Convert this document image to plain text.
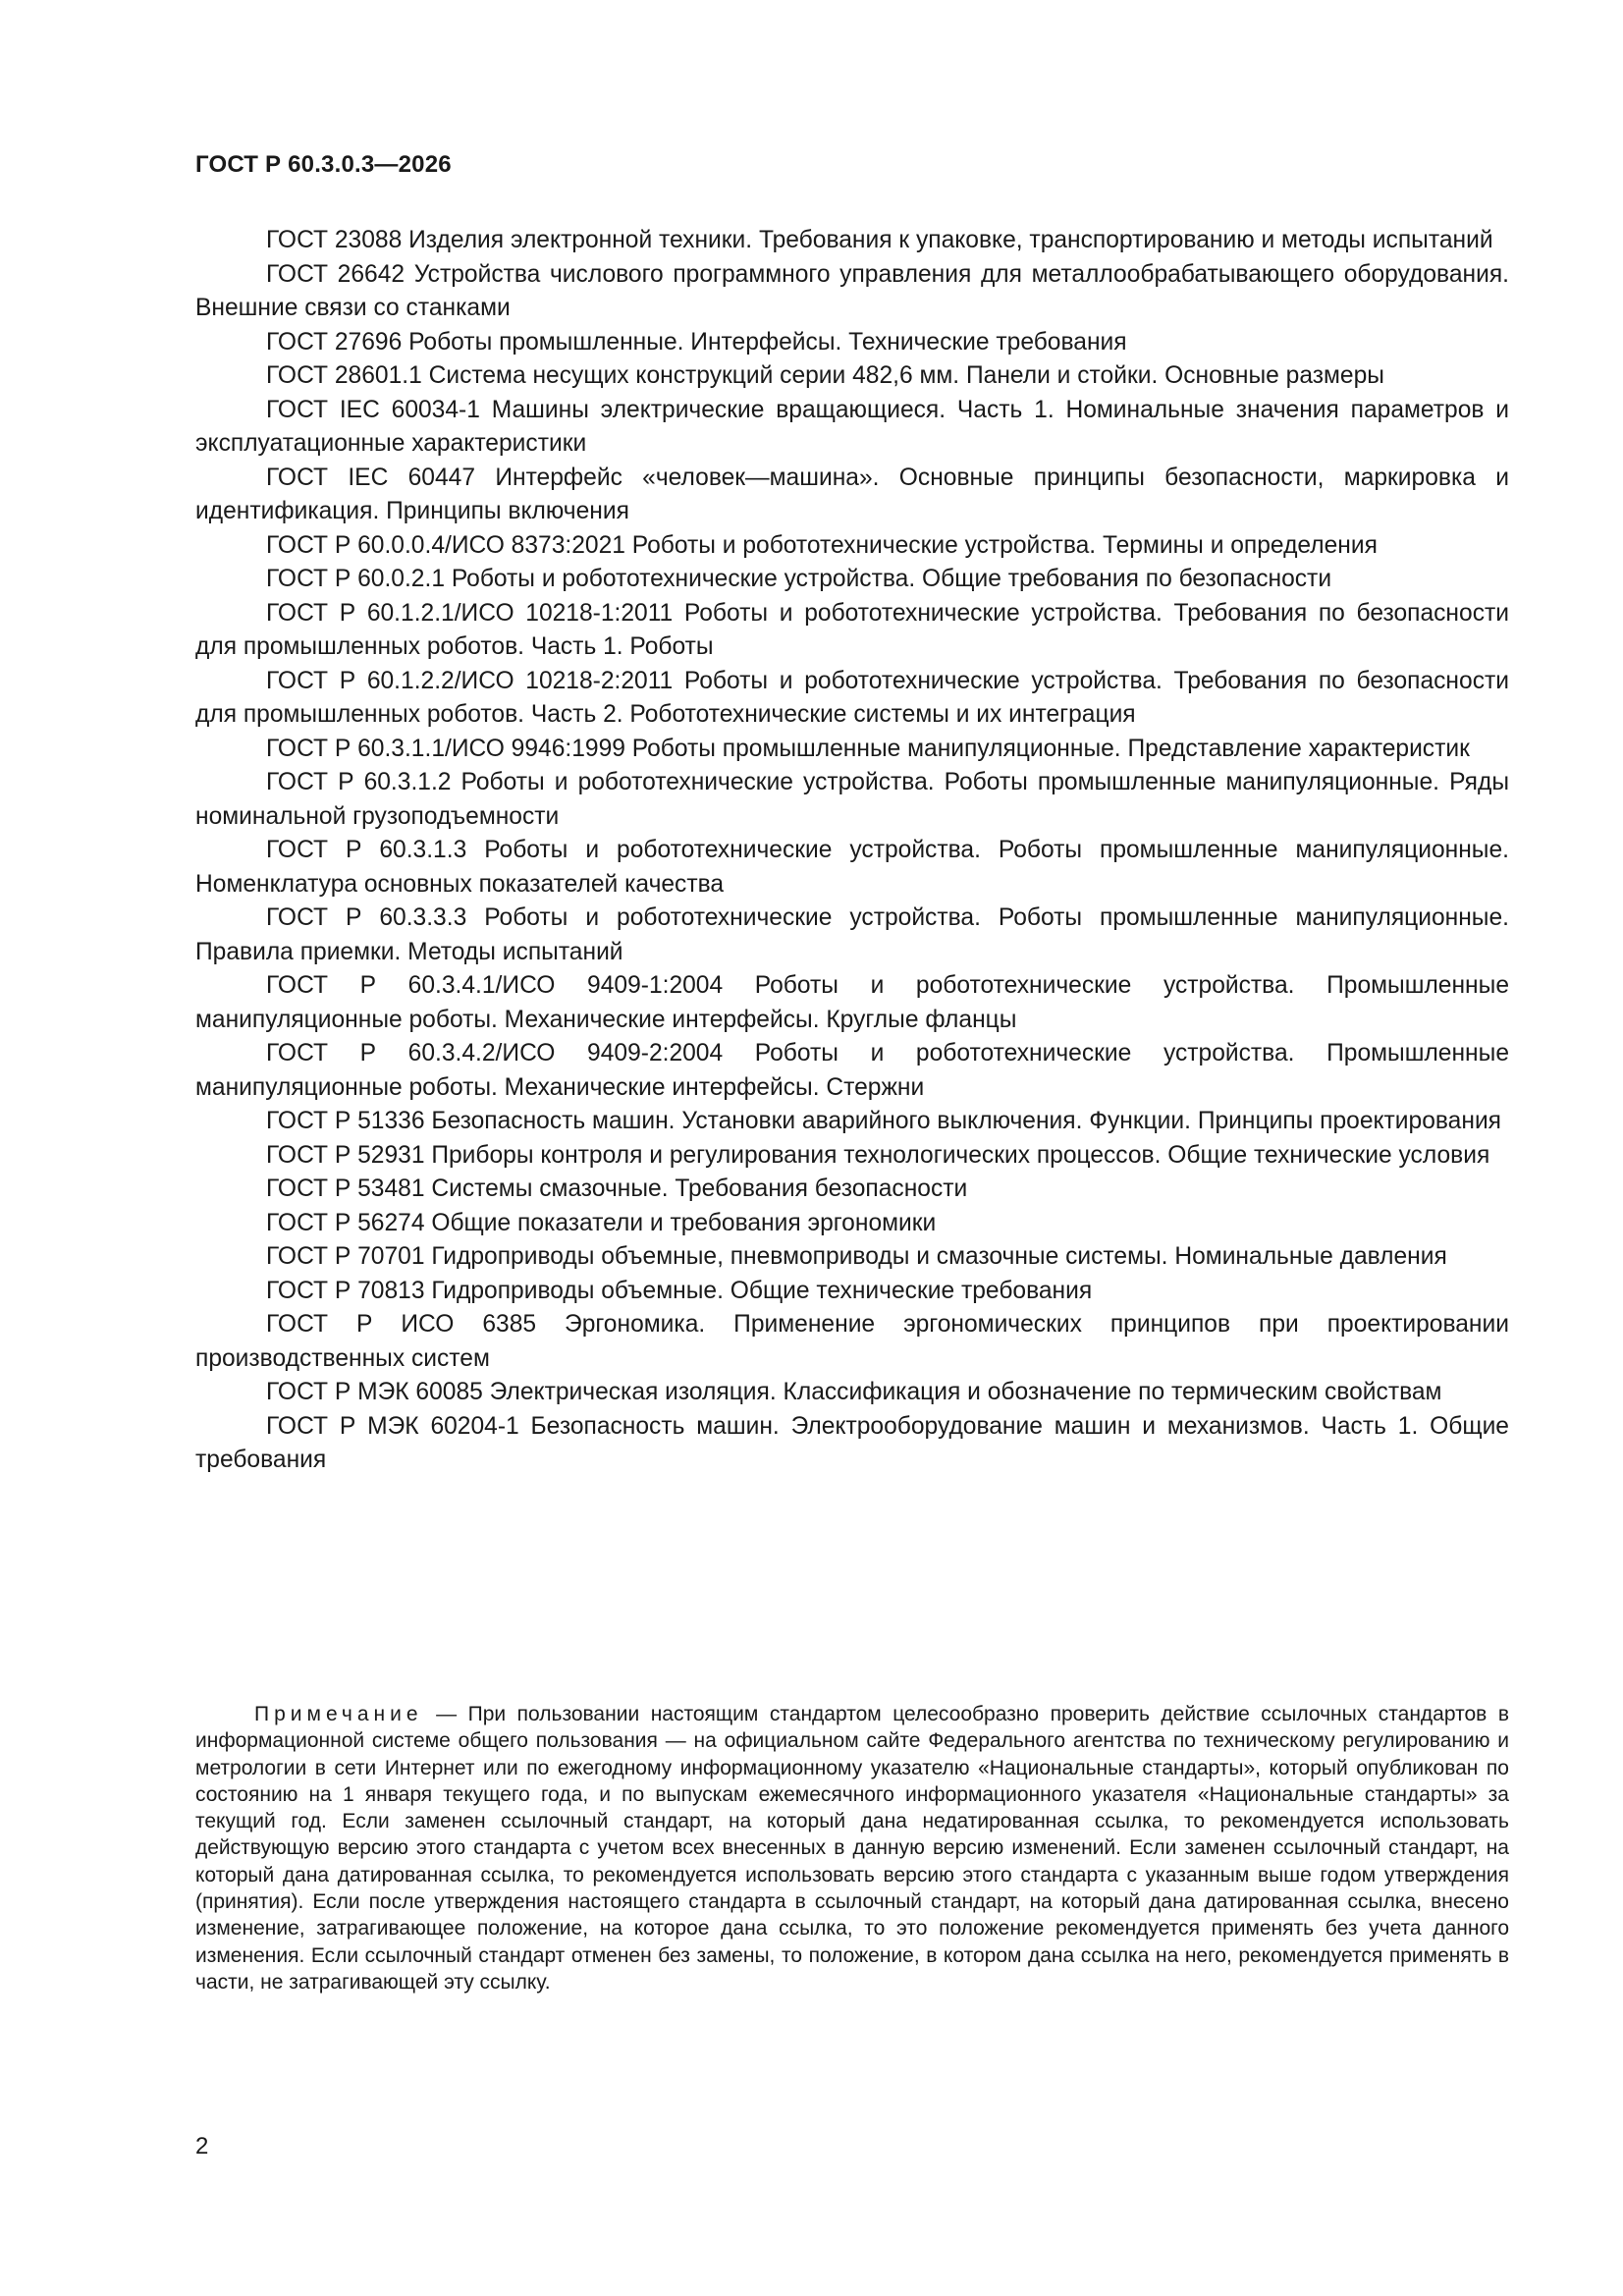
ГОСТ Р 60.3.0.3—2026

ГОСТ 23088 Изделия электронной техники. Требования к упаковке, транспортированию и методы испытаний

ГОСТ 26642 Устройства числового программного управления для металлообрабатывающего оборудования. Внешние связи со станками

ГОСТ 27696 Роботы промышленные. Интерфейсы. Технические требования

ГОСТ 28601.1 Система несущих конструкций серии 482,6 мм. Панели и стойки. Основные размеры

ГОСТ IEC 60034-1 Машины электрические вращающиеся. Часть 1. Номинальные значения параметров и эксплуатационные характеристики

ГОСТ IEC 60447 Интерфейс «человек—машина». Основные принципы безопасности, маркировка и идентификация. Принципы включения

ГОСТ Р 60.0.0.4/ИСО 8373:2021 Роботы и робототехнические устройства. Термины и определения

ГОСТ Р 60.0.2.1 Роботы и робототехнические устройства. Общие требования по безопасности

ГОСТ Р 60.1.2.1/ИСО 10218-1:2011 Роботы и робототехнические устройства. Требования по безопасности для промышленных роботов. Часть 1. Роботы

ГОСТ Р 60.1.2.2/ИСО 10218-2:2011 Роботы и робототехнические устройства. Требования по безопасности для промышленных роботов. Часть 2. Робототехнические системы и их интеграция

ГОСТ Р 60.3.1.1/ИСО 9946:1999 Роботы промышленные манипуляционные. Представление характеристик

ГОСТ Р 60.3.1.2 Роботы и робототехнические устройства. Роботы промышленные манипуляционные. Ряды номинальной грузоподъемности

ГОСТ Р 60.3.1.3 Роботы и робототехнические устройства. Роботы промышленные манипуляционные. Номенклатура основных показателей качества

ГОСТ Р 60.3.3.3 Роботы и робототехнические устройства. Роботы промышленные манипуляционные. Правила приемки. Методы испытаний

ГОСТ Р 60.3.4.1/ИСО 9409-1:2004 Роботы и робототехнические устройства. Промышленные манипуляционные роботы. Механические интерфейсы. Круглые фланцы

ГОСТ Р 60.3.4.2/ИСО 9409-2:2004 Роботы и робототехнические устройства. Промышленные манипуляционные роботы. Механические интерфейсы. Стержни

ГОСТ Р 51336 Безопасность машин. Установки аварийного выключения. Функции. Принципы проектирования

ГОСТ Р 52931 Приборы контроля и регулирования технологических процессов. Общие технические условия

ГОСТ Р 53481 Системы смазочные. Требования безопасности

ГОСТ Р 56274 Общие показатели и требования эргономики

ГОСТ Р 70701 Гидроприводы объемные, пневмоприводы и смазочные системы. Номинальные давления

ГОСТ Р 70813 Гидроприводы объемные. Общие технические требования

ГОСТ Р ИСО 6385 Эргономика. Применение эргономических принципов при проектировании производственных систем

ГОСТ Р МЭК 60085 Электрическая изоляция. Классификация и обозначение по термическим свойствам

ГОСТ Р МЭК 60204-1 Безопасность машин. Электрооборудование машин и механизмов. Часть 1. Общие требования

Примечание — При пользовании настоящим стандартом целесообразно проверить действие ссылочных стандартов в информационной системе общего пользования — на официальном сайте Федерального агентства по техническому регулированию и метрологии в сети Интернет или по ежегодному информационному указателю «Национальные стандарты», который опубликован по состоянию на 1 января текущего года, и по выпускам ежемесячного информационного указателя «Национальные стандарты» за текущий год. Если заменен ссылочный стандарт, на который дана недатированная ссылка, то рекомендуется использовать действующую версию этого стандарта с учетом всех внесенных в данную версию изменений. Если заменен ссылочный стандарт, на который дана датированная ссылка, то рекомендуется использовать версию этого стандарта с указанным выше годом утверждения (принятия). Если после утверждения настоящего стандарта в ссылочный стандарт, на который дана датированная ссылка, внесено изменение, затрагивающее положение, на которое дана ссылка, то это положение рекомендуется применять без учета данного изменения. Если ссылочный стандарт отменен без замены, то положение, в котором дана ссылка на него, рекомендуется применять в части, не затрагивающей эту ссылку.

2
